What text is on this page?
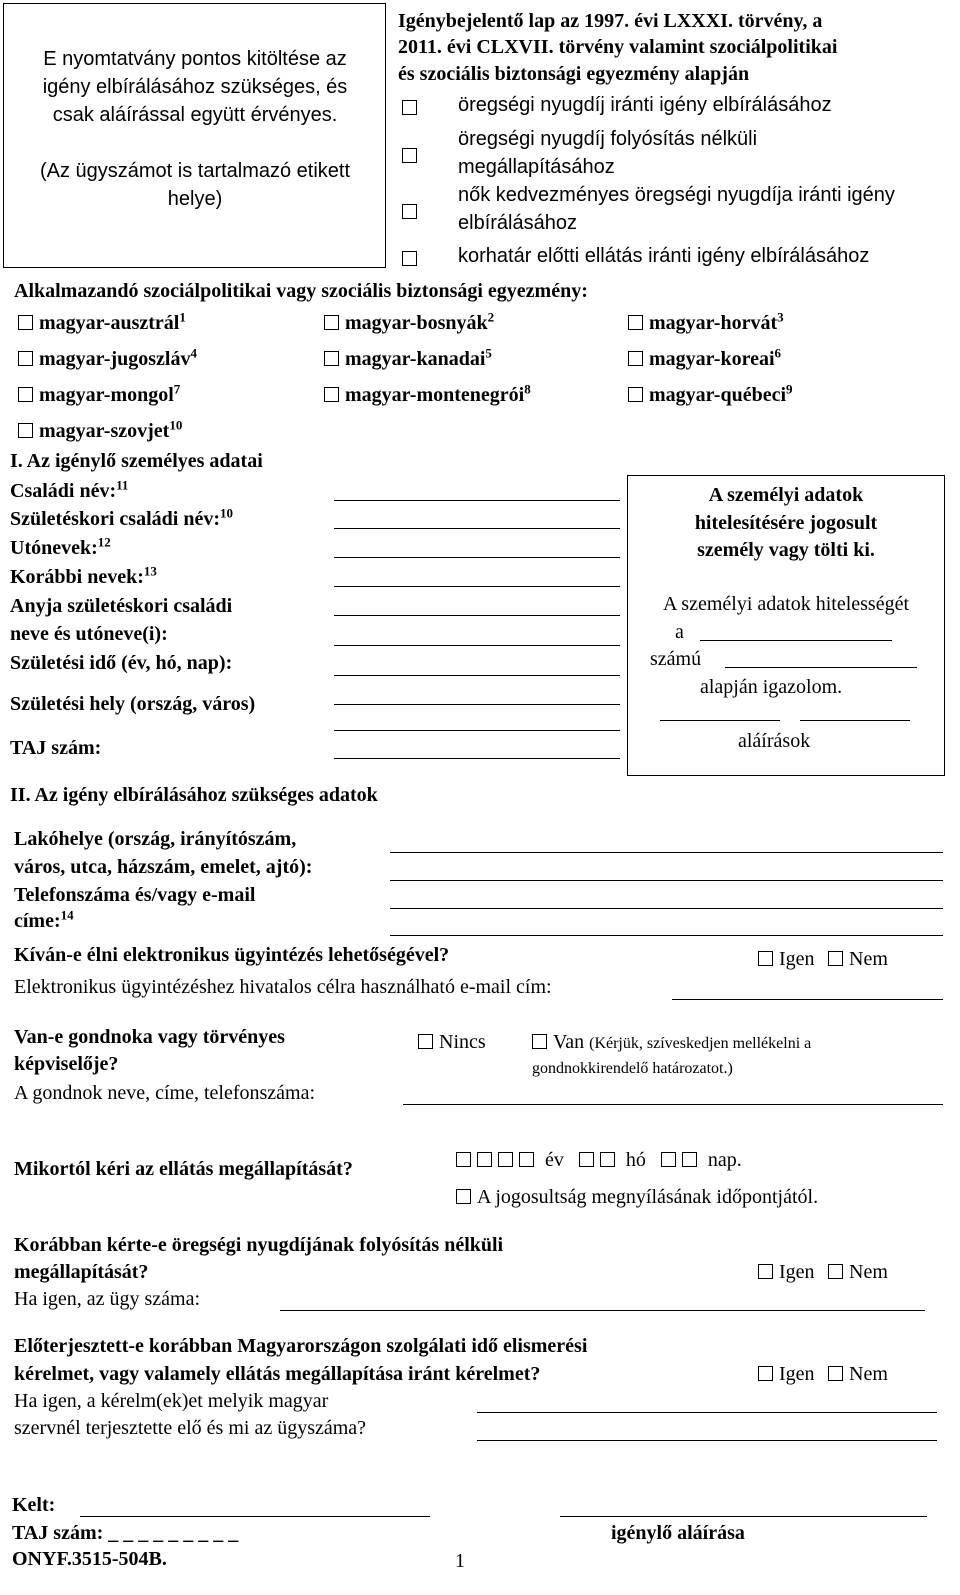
E nyomtatvány pontos kitöltése az
igény elbírálásához szükséges, és
csak aláírással együtt érvényes.
(Az ügyszámot is tartalmazó etikett
helye)
Igénybejelentő lap az 1997. évi LXXXI. törvény, a
2011. évi CLXVII. törvény valamint szociálpolitikai
és szociális biztonsági egyezmény alapján
öregségi nyugdíj iránti igény elbírálásához
öregségi nyugdíj folyósítás nélküli
megállapításához
nők kedvezményes öregségi nyugdíja iránti igény
elbírálásához
korhatár előtti ellátás iránti igény elbírálásához
Alkalmazandó szociálpolitikai vagy szociális biztonsági egyezmény:
magyar-ausztrál$^1$	magyar-bosnyák$^2$	magyar-horvát$^3$
magyar-jugoszláv$^4$	magyar-kanadai$^5$	magyar-koreai$^6$
magyar-mongol$^7$	magyar-montenegrói$^8$	magyar-québeci$^9$
magyar-szovjet$^{10}$
I. Az igénylő személyes adatai
Családi név:$^{11}$
Születéskori családi név:$^{10}$
Utónevek:$^{12}$
Korábbi nevek:$^{13}$
Anyja születéskori családi
neve és utóneve(i):
Születési idő (év, hó, nap):
Születési hely (ország, város)
TAJ szám:
A személyi adatok
hitelesítésére jogosult
személy vagy tölti ki.
A személyi adatok hitelességét
a
számú
alapján igazolom.
aláírások
II. Az igény elbírálásához szükséges adatok
Lakóhelye (ország, irányítószám,
város, utca, házszám, emelet, ajtó):
Telefonszáma és/vagy e-mail
címe:$^{14}$
Kíván-e élni elektronikus ügyintézés lehetőségével?	Igen	Nem
Elektronikus ügyintézéshez hivatalos célra használható e-mail cím:
Van-e gondnoka vagy törvényes
képviselője?
Nincs	Van (Kérjük, szíveskedjen mellékelni a
gondnokkirendelő határozatot.)
A gondnok neve, címe, telefonszáma:
Mikortól kéri az ellátás megállapítását?	év	hó	nap.
A jogosultság megnyílásának időpontjától.
Korábban kérte-e öregségi nyugdíjának folyósítás nélküli
megállapítását?	Igen	Nem
Ha igen, az ügy száma:
Előterjesztett-e korábban Magyarországon szolgálati idő elismerési
kérelmet, vagy valamely ellátás megállapítása iránt kérelmet?	Igen	Nem
Ha igen, a kérelm(ek)et melyik magyar
szervnél terjesztette elő és mi az ügyszáma?
Kelt:
TAJ szám: _ _ _ _ _ _ _ _ _	igénylő aláírása
ONYF.3515-504B.	1
